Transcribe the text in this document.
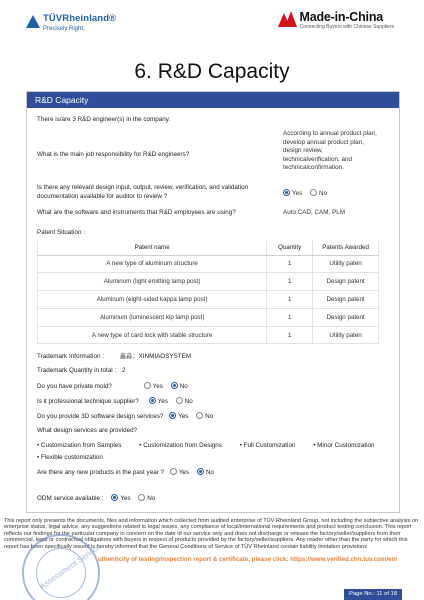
TÜVRheinland®
Precisely Right.
Made-in-China
Connecting Buyers with Chinese Suppliers
6. R&D Capacity
R&D Capacity
There is/are 3 R&D engineer(s) in the company.
What is the main job responsibility for R&D engineers?
According to annual product plan,
develop annual product plan,
design review,
technicalverification, and
technicalconfirmation.
Is there any relevant design input, output, review, verification, and validation documentation available for auditor to review ?	Yes	No
What are the software and instruments that R&D employees are using?	Auto CAD, CAM, PLM
Patent Situation :
Patent name	Quantity	Patents Awarded
A new type of aluminum structure	1	Utility paten
Aluminum (light emitting lamp post)	1	Design patent
Aluminum (eight-sided kappa lamp post)	1	Design patent
Aluminum (luminescent kip lamp post)	1	Design patent
A new type of card lock with stable structure	1	Utility paten
Trademark Information :	鑫淼；XINMIAOSYSTEM
Trademark Quantity in total : 2
Do you have private mold?	Yes	No
Is it professional technique supplier?	Yes	No
Do you provide 3D software design services? Yes	No
What design services are provided?
• Customization from Samples	• Customization from Designs	• Full Customization	• Minor Customization
• Flexible customization
Are there any new products in the past year ? Yes	No
ODM service available :	Yes	No
This report only presents the documents, files and information which collected from audited enterprise of TÜV Rheinland Group, not including the subjective analysis on enterprise status, legal advice, any suggestions related to legal issues, any compliance of local/international requirements and product testing conclusion. This report reflects our findings for the particular company in concern on the date of our service only and does not discharge or release the factory/seller/suppliers from their commercial, legal or contractual obligations with buyers in respect of products provided by the factory/seller/suppliers. Any reader other than the party for which this report has been specifically issued is hereby informed that the General Conditions of Service of TÜV Rheinland contain liability limitation provisions
Assessment Service
uthenticity of testing/inspection report & certificate, please click: https://www.verified.chn.tuv.com/en/
Page No.: 11 of 18
